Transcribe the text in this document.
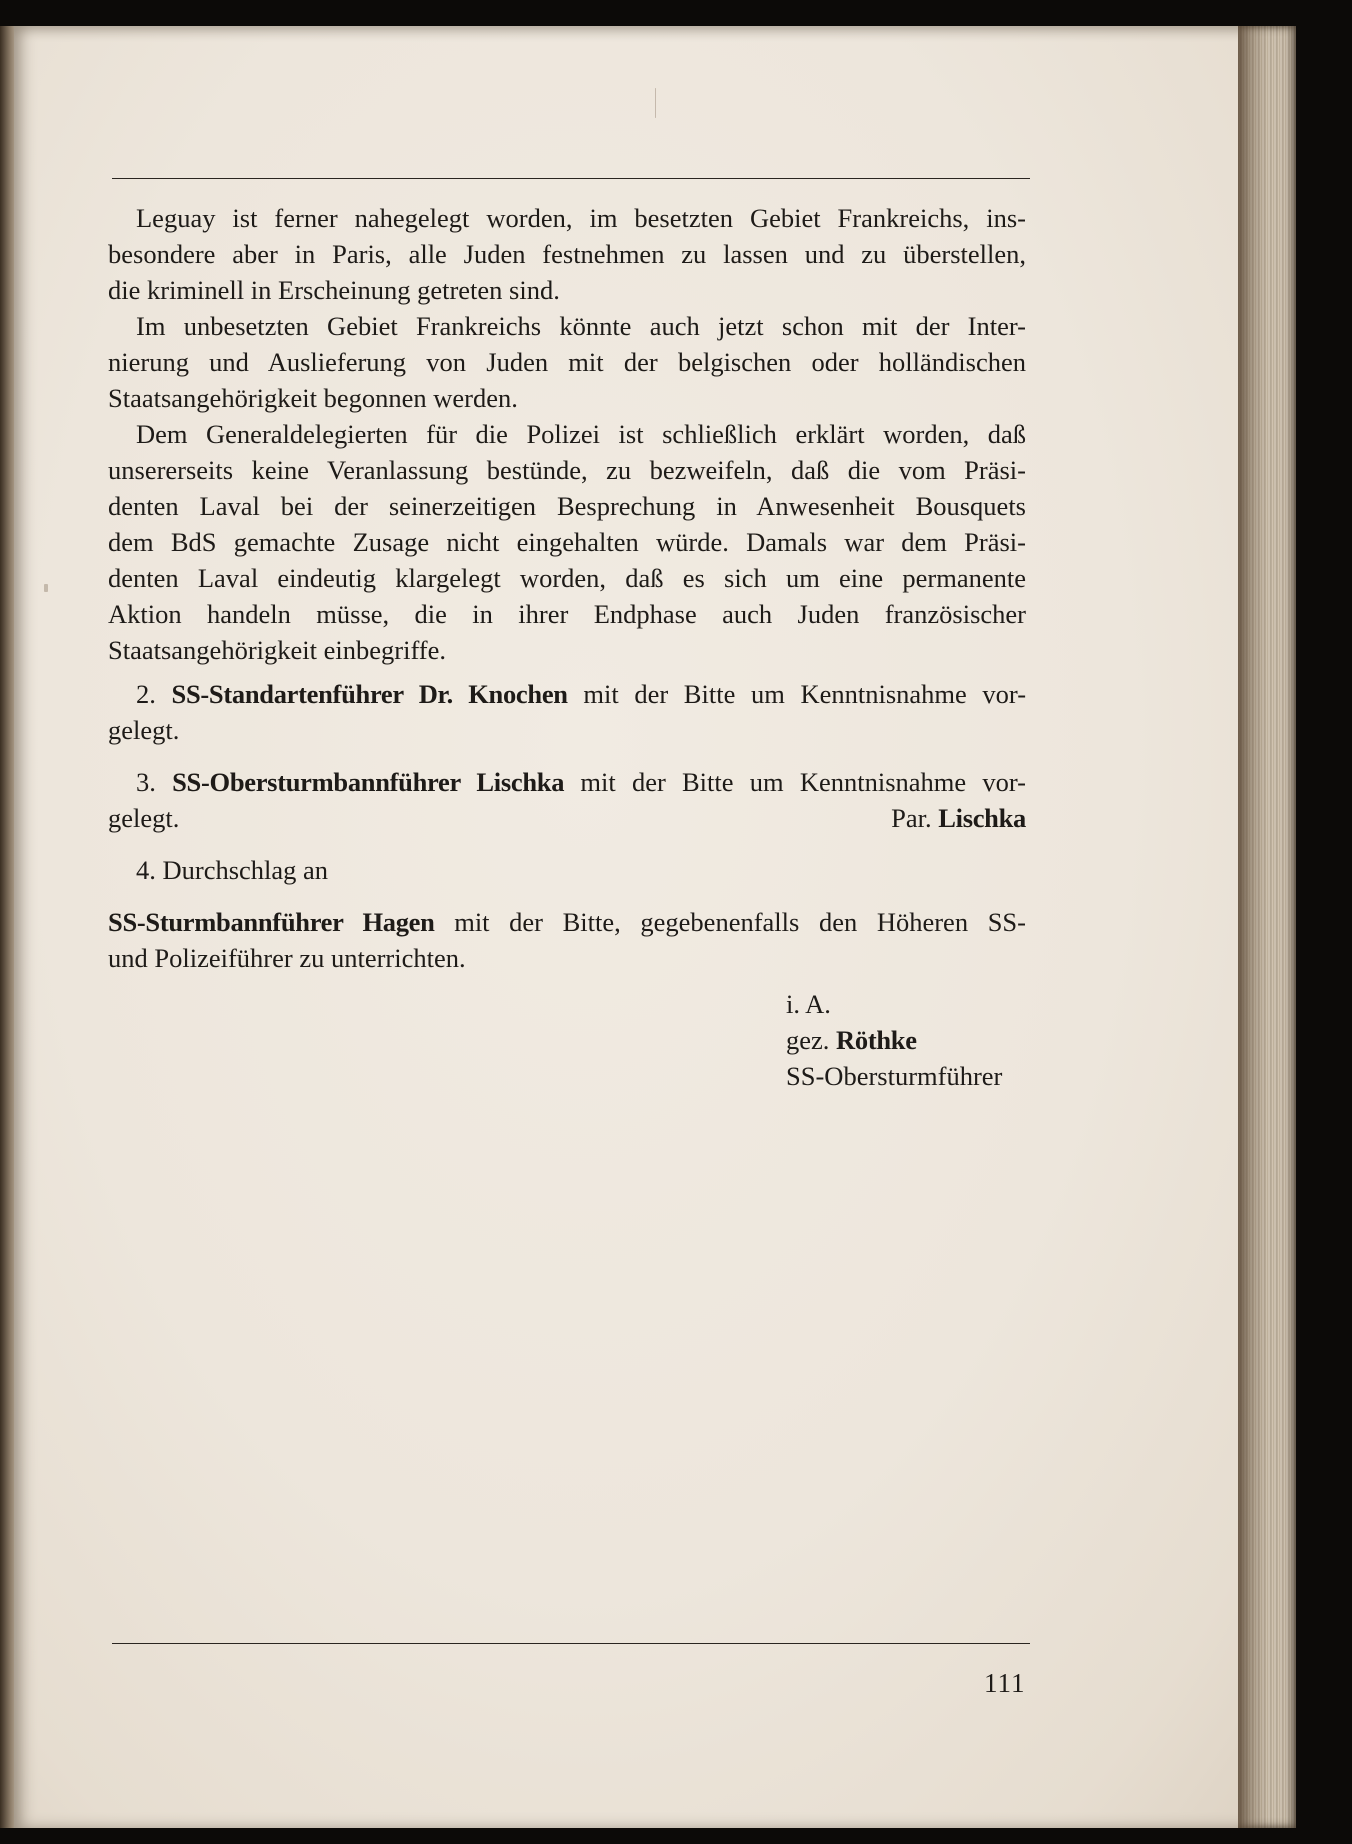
Leguay ist ferner nahegelegt worden, im besetzten Gebiet Frankreichs, ins-
besondere aber in Paris, alle Juden festnehmen zu lassen und zu überstellen,
die kriminell in Erscheinung getreten sind.
Im unbesetzten Gebiet Frankreichs könnte auch jetzt schon mit der Inter-
nierung und Auslieferung von Juden mit der belgischen oder holländischen
Staatsangehörigkeit begonnen werden.
Dem Generaldelegierten für die Polizei ist schließlich erklärt worden, daß
unsererseits keine Veranlassung bestünde, zu bezweifeln, daß die vom Präsi-
denten Laval bei der seinerzeitigen Besprechung in Anwesenheit Bousquets
dem BdS gemachte Zusage nicht eingehalten würde. Damals war dem Präsi-
denten Laval eindeutig klargelegt worden, daß es sich um eine permanente
Aktion handeln müsse, die in ihrer Endphase auch Juden französischer
Staatsangehörigkeit einbegriffe.
2. SS-Standartenführer Dr. Knochen mit der Bitte um Kenntnisnahme vor-
gelegt.
3. SS-Obersturmbannführer Lischka mit der Bitte um Kenntnisnahme vor-
gelegt.	Par. Lischka
4. Durchschlag an
SS-Sturmbannführer Hagen mit der Bitte, gegebenenfalls den Höheren SS-
und Polizeiführer zu unterrichten.
i. A.
gez. Röthke
SS-Obersturmführer
111
